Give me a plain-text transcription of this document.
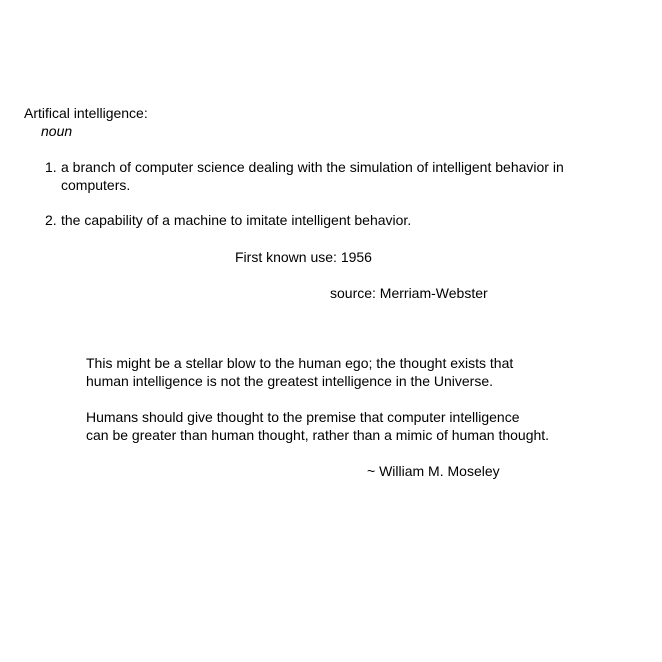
Artifical intelligence:
noun
1. a branch of computer science dealing with the simulation of intelligent behavior in
computers.
2. the capability of a machine to imitate intelligent behavior.
First known use: 1956
source: Merriam-Webster
This might be a stellar blow to the human ego; the thought exists that
human intelligence is not the greatest intelligence in the Universe.
Humans should give thought to the premise that computer intelligence
can be greater than human thought, rather than a mimic of human thought.
~ William M. Moseley
